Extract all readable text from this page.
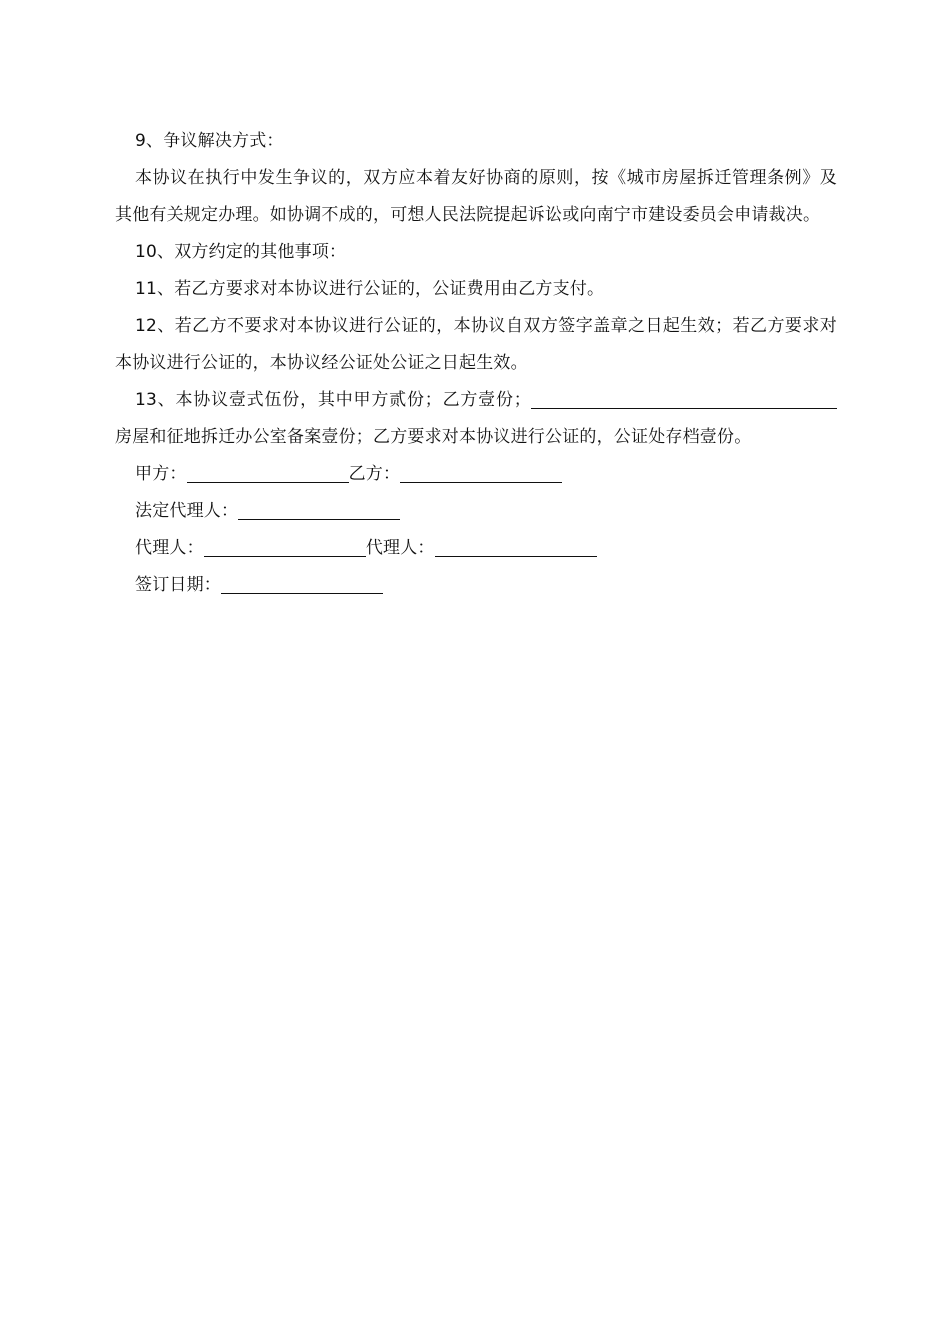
9、争议解决方式：

本协议在执行中发生争议的，双方应本着友好协商的原则，按《城市房屋拆迁管理条例》及其他有关规定办理。如协调不成的，可想人民法院提起诉讼或向南宁市建设委员会申请裁决。

10、双方约定的其他事项：

11、若乙方要求对本协议进行公证的，公证费用由乙方支付。

12、若乙方不要求对本协议进行公证的，本协议自双方签字盖章之日起生效；若乙方要求对本协议进行公证的，本协议经公证处公证之日起生效。

13、本协议壹式伍份，其中甲方贰份；乙方壹份；房屋和征地拆迁办公室备案壹份；乙方要求对本协议进行公证的，公证处存档壹份。

甲方：	乙方：

法定代理人：

代理人：	代理人：

签订日期：
